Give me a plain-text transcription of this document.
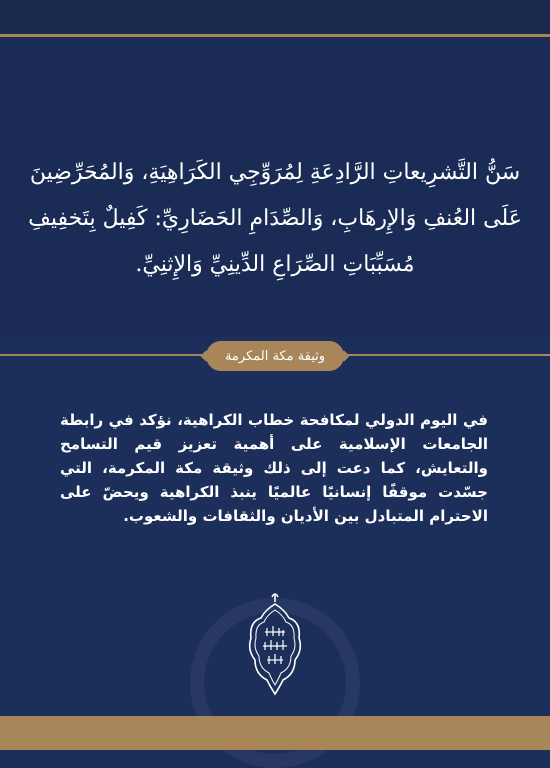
سَنُّ التَّشرِيعاتِ الرَّادِعَةِ لِمُرَوِّجِي الكَرَاهِيَةِ، وَالمُحَرِّضِينَ عَلَى العُنفِ وَالإِرهَابِ، وَالصِّدَامِ الحَضَارِيِّ: كَفِيلٌ بِتَخفِيفِ مُسَبِّبَاتِ الصِّرَاعِ الدِّينِيِّ وَالإِثنِيِّ.
وثيقة مكة المكرمة
في اليوم الدولي لمكافحة خطاب الكراهية، نؤكد في رابطة الجامعات الإسلامية على أهمية تعزيز قيم التسامح والتعايش، كما دعت إلى ذلك وثيقة مكة المكرمة، التي جسّدت موقفًا إنسانيًا عالميًا ينبذ الكراهية ويحضّ على الاحترام المتبادل بين الأديان والثقافات والشعوب.
